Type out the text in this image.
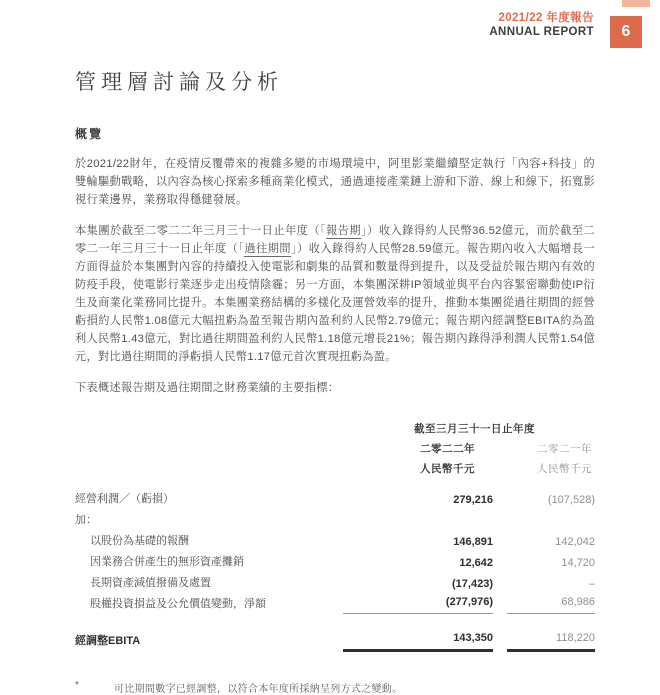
2021/22 年度報告
ANNUAL REPORT	6
管理層討論及分析
概覽

於2021/22財年，在疫情反覆帶來的複雜多變的市場環境中，阿里影業繼續堅定執行「內容+科技」的雙輪驅動戰略，以內容為核心探索多種商業化模式，通過連接產業鏈上游和下游、線上和線下，拓寬影視行業邊界，業務取得穩健發展。

本集團於截至二零二二年三月三十一日止年度（「報告期」）收入錄得約人民幣36.52億元，而於截至二零二一年三月三十一日止年度（「過往期間」）收入錄得約人民幣28.59億元。報告期內收入大幅增長一方面得益於本集團對內容的持續投入使電影和劇集的品質和數量得到提升，以及受益於報告期內有效的防疫手段，使電影行業逐步走出疫情陰霾；另一方面，本集團深耕IP領域並與平台內容緊密聯動使IP衍生及商業化業務同比提升。本集團業務結構的多樣化及運營效率的提升，推動本集團從過往期間的經營虧損約人民幣1.08億元大幅扭虧為盈至報告期內盈利約人民幣2.79億元；報告期內經調整EBITA約為盈利人民幣1.43億元，對比過往期間盈利約人民幣1.18億元增長21%；報告期內錄得淨利潤人民幣1.54億元，對比過往期間的淨虧損人民幣1.17億元首次實現扭虧為盈。

下表概述報告期及過往期間之財務業績的主要指標：

	截至三月三十一日止年度		
	二零二二年		二零二一年
	人民幣千元		人民幣千元
經營利潤／（虧損）	279,216		(107,528)
加：			
以股份為基礎的報酬	146,891		142,042
因業務合併產生的無形資產攤銷	12,642		14,720
長期資產減值撥備及處置	(17,423)		–
股權投資損益及公允價值變動，淨額	(277,976)		68,986

經調整EBITA	143,350		118,220
*	可比期間數字已經調整，以符合本年度所採納呈列方式之變動。
